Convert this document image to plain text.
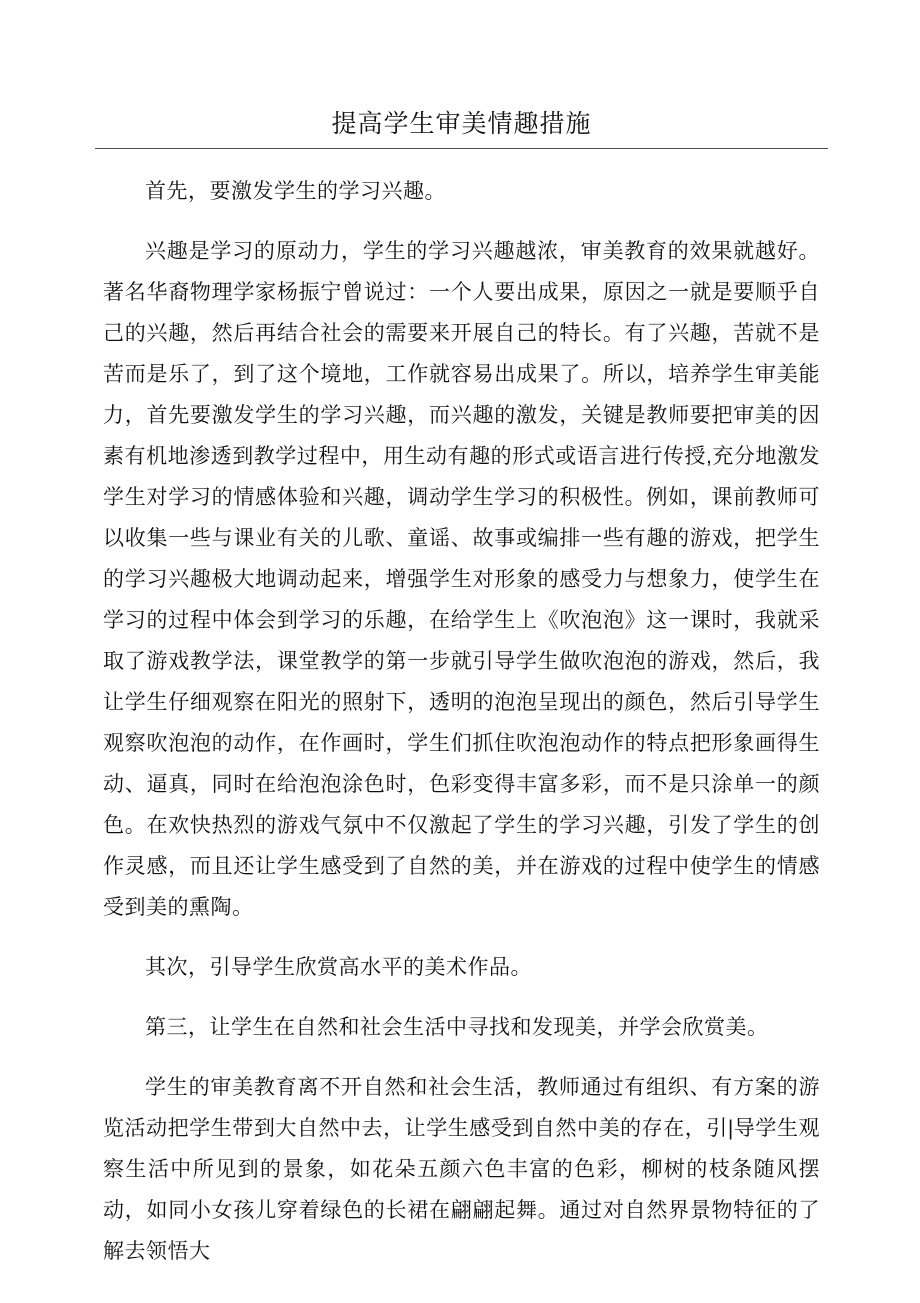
提高学生审美情趣措施

首先，要激发学生的学习兴趣。

兴趣是学习的原动力，学生的学习兴趣越浓，审美教育的效果就越好。著名华裔物理学家杨振宁曾说过：一个人要出成果，原因之一就是要顺乎自己的兴趣，然后再结合社会的需要来开展自己的特长。有了兴趣，苦就不是苦而是乐了，到了这个境地，工作就容易出成果了。所以，培养学生审美能力，首先要激发学生的学习兴趣，而兴趣的激发，关键是教师要把审美的因素有机地渗透到教学过程中，用生动有趣的形式或语言进行传授,充分地激发学生对学习的情感体验和兴趣，调动学生学习的积极性。例如，课前教师可以收集一些与课业有关的儿歌、童谣、故事或编排一些有趣的游戏，把学生的学习兴趣极大地调动起来，增强学生对形象的感受力与想象力，使学生在学习的过程中体会到学习的乐趣，在给学生上《吹泡泡》这一课时，我就采取了游戏教学法，课堂教学的第一步就引导学生做吹泡泡的游戏，然后，我让学生仔细观察在阳光的照射下，透明的泡泡呈现出的颜色，然后引导学生观察吹泡泡的动作，在作画时，学生们抓住吹泡泡动作的特点把形象画得生动、逼真，同时在给泡泡涂色时，色彩变得丰富多彩，而不是只涂单一的颜色。在欢快热烈的游戏气氛中不仅激起了学生的学习兴趣，引发了学生的创作灵感，而且还让学生感受到了自然的美，并在游戏的过程中使学生的情感受到美的熏陶。

其次，引导学生欣赏高水平的美术作品。

第三，让学生在自然和社会生活中寻找和发现美，并学会欣赏美。

学生的审美教育离不开自然和社会生活，教师通过有组织、有方案的游览活动把学生带到大自然中去，让学生感受到自然中美的存在，引|导学生观察生活中所见到的景象，如花朵五颜六色丰富的色彩，柳树的枝条随风摆动，如同小女孩儿穿着绿色的长裙在翩翩起舞。通过对自然界景物特征的了解去领悟大
